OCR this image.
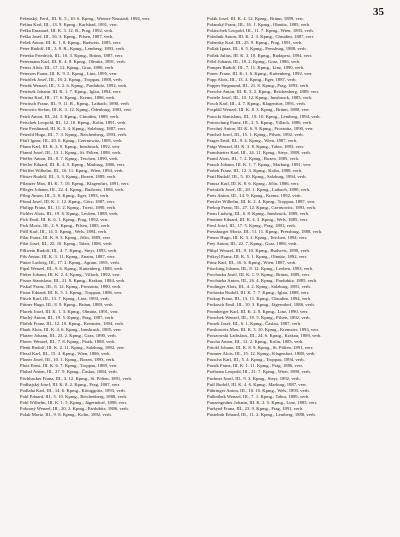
35

Pešanský, Ferd., III. K. 5., 10. 6. Kpmg., Wiener-Neustadt, 1894, verr.

Pešina Karl, III., 13. 9. Kpmg., Karlsbad, 1891, verr.

Peška Emanuel, III. K. 3. 12. R., Prag, 1892, verh.

Peška Josef, III., 56. 3. Kpmg., Pilsen, 1887, verh.

Pešek Anton, III. K. 1. 8. Kpmg., Budweis, 1885, verr.

Peter Rudolf, III., 3. 8. R., Kpmg., Lemberg, 1893, verh.

Peterka Friedrich, III., 10. 3. Kpmg., Brünn, 1887, verr.

Petermann Karl, III. K. 4. 8. Kpmg., Olmütz, 1891, verh.

Peters Alois, III., 17. 12. Kpmg., Graz, 1880, verh.

Petersen Franz, III. K. 9. 5. Kpmg., Linz, 1895, verr.

Petráček Josef, III., 18. 2. Kpmg., Troppau, 1888, verh.

Petrák Wenzel, III., 3. 2. 6. Kpmg., Pardubitz, 1892, verh.

Petrásek Johann, III. K. 1. 7. Kpmg., Iglau, 1894, verr.

Petrina Karl, III., 17. 6. Kpmg., Krems, 1886, verh.

Petritsch Franz, III., 9. 11. R., Kpmg., Laibach, 1890, verh.

Petrovits Stefan, III. K. 3. 12. Kpmg., Ödenburg, 1883, verr.

Petrů Anton, III., 24. 3. Kpmg., Chrudim, 1889, verh.

Petschek Leopold, III., 12. 10. Kpmg., Kolin, 1891, verh.

Petz Ferdinand, III. K. 5. 4. Kpmg., Salzburg, 1887, verr.

Petzold Hugo, III., 7. 3. Kpmg., Reichenberg, 1893, verh.

Pfaff Ignaz, III., 20. 6. Kpmg., Czernowitz, 1885, verh.

Pfann Karl, III. K. 2. 9. Kpmg., Innsbruck, 1892, verr.

Pfannl Josef, III., 13. 1. Kpmg., St. Pölten, 1888, verh.

Pfeffer Anton, III., 8. 7. Kpmg., Teschen, 1890, verh.

Pfeifer Eduard, III. K. 4. 5. Kpmg., Marburg, 1886, verr.

Pfeiffer Wilhelm, III., 16. 11. Kpmg., Wien, 1894, verh.

Pfister Rudolf, III., 3. 3. Kpmg., Bozen, 1889, verh.

Pflanzer Max, III. K. 7. 10. Kpmg., Klagenfurt, 1891, verr.

Pfleger Johann, III., 22. 4. Kpmg., Budweis, 1884, verh.

Pflug Anton, III., 5. 8. Kpmg., Eger, 1893, verh.

Pfund Josef, III. K. 1. 12. Kpmg., Görz, 1887, verr.

Philipp Franz, III., 11. 2. Kpmg., Triest, 1890, verh.

Pichler Alois, III., 19. 6. Kpmg., Leoben, 1888, verh.

Pick Emil, III. K. 6. 1. Kpmg., Prag, 1892, verr.

Pick Moriz, III., 2. 9. Kpmg., Pilsen, 1885, verh.

Piffl Karl, III., 14. 5. Kpmg., Wels, 1894, verh.

Pilar Franz, III. K. 8. 3. Kpmg., Jičín, 1889, verr.

Pilat Josef, III., 25. 10. Kpmg., Tabor, 1886, verh.

Pillwein Rudolf, III., 4. 7. Kpmg., Steyr, 1893, verh.

Pils Anton, III. K. 3. 11. Kpmg., Znaim, 1887, verr.

Pinter Ludwig, III., 17. 2. Kpmg., Agram, 1891, verh.

Pipal Wenzel, III., 9. 6. Kpmg., Kuttenberg, 1888, verh.

Pirker Johann, III. K. 2. 4. Kpmg., Villach, 1892, verr.

Pisarz Stanislaus, III., 21. 8. Kpmg., Krakau, 1884, verh.

Piskač Franz, III., 6. 12. Kpmg., Prossnitz, 1890, verh.

Pistor Eduard, III. K. 5. 1. Kpmg., Troppau, 1886, verr.

Pitsch Karl, III., 13. 7. Kpmg., Linz, 1893, verh.

Pittner Hugo, III., 8. 9. Kpmg., Brünn, 1889, verh.

Placek Josef, III. K. 1. 3. Kpmg., Olmütz, 1891, verr.

Plachý Anton, III., 19. 5. Kpmg., Prag, 1887, verh.

Plaček Franz, III., 12. 10. Kpmg., Kremsier, 1894, verh.

Plank Alois, III. K. 4. 6. Kpmg., Innsbruck, 1885, verr.

Platzer Johann, III., 23. 2. Kpmg., Graz, 1890, verh.

Plavec Wenzel, III., 7. 8. Kpmg., Pisek, 1888, verh.

Plenk Rudolf, III. K. 2. 11. Kpmg., Salzburg, 1892, verr.

Plessl Karl, III., 15. 4. Kpmg., Wien, 1886, verh.

Ploner Josef, III., 10. 1. Kpmg., Bozen, 1893, verh.

Plotz Ernst, III. K. 6. 7. Kpmg., Troppau, 1889, verr.

Pluhař Anton, III., 27. 9. Kpmg., Časlau, 1884, verh.

Pöchhacker Franz, III., 3. 12. Kpmg., St. Pölten, 1891, verh.

Podhajský Josef, III. K. 8. 2. Kpmg., Prag, 1887, verr.

Podlaha Karl, III., 14. 6. Kpmg., Königgrätz, 1893, verh.

Pohl Eduard, III., 5. 10. Kpmg., Reichenberg, 1888, verh.

Pohl Wilhelm, III. K. 1. 5. Kpmg., Jägerndorf, 1890, verr.

Pokorný Wenzel, III., 20. 3. Kpmg., Pardubitz, 1886, verh.

Polak Moriz, III., 9. 8. Kpmg., Kolin, 1892, verh.

Polák Josef, III. K. 4. 12. Kpmg., Brünn, 1889, verr.

Polanský Franz, III., 16. 1. Kpmg., Olmütz, 1885, verh.

Polatschek Leopold, III., 11. 7. Kpmg., Wien, 1893, verh.

Polednik Anton, III. K. 2. 3. Kpmg., Chrudim, 1887, verr.

Polensky Karl, III., 25. 9. Kpmg., Prag, 1891, verh.

Pollak Ignaz, III., 6. 5. Kpmg., Pressburg, 1888, verh.

Pollak Julius, III. K. 3. 10. Kpmg., Budapest, 1894, verr.

Pölzl Johann, III., 18. 2. Kpmg., Graz, 1886, verh.

Pomper Rudolf, III., 7. 11. Kpmg., Linz, 1890, verh.

Ponec Franz, III. K. 1. 6. Kpmg., Kuttenberg, 1892, verr.

Popp Alois, III., 13. 4. Kpmg., Eger, 1887, verh.

Popper Siegmund, III., 21. 8. Kpmg., Prag, 1893, verh.

Porsche Anton, III. K. 5. 2. Kpmg., Reichenberg, 1889, verr.

Portele Josef, III., 10. 12. Kpmg., Innsbruck, 1885, verh.

Posch Karl, III., 4. 7. Kpmg., Klagenfurt, 1891, verh.

Pospíšil Wenzel, III. K. 8. 3. Kpmg., Brünn, 1888, verr.

Potocki Stanislaus, III., 19. 10. Kpmg., Lemberg, 1894, verh.

Pototschnig Franz, III., 2. 5. Kpmg., Villach, 1886, verh.

Povolný Anton, III. K. 6. 9. Kpmg., Prossnitz, 1890, verr.

Prachař Josef, III., 15. 1. Kpmg., Pilsen, 1892, verh.

Prager Emil, III., 9. 4. Kpmg., Wien, 1887, verh.

Prágr Wenzel, III. K. 3. 8. Kpmg., Tabor, 1893, verr.

Prandstetter Karl, III., 24. 11. Kpmg., Steyr, 1889, verh.

Prantl Alois, III., 7. 2. Kpmg., Bozen, 1885, verh.

Prasch Johann, III. K. 1. 7. Kpmg., Marburg, 1891, verr.

Prašek Franz, III., 12. 3. Kpmg., Kolin, 1888, verh.

Pratl Rudolf, III., 5. 10. Kpmg., Salzburg, 1894, verh.

Prausa Karl, III. K. 8. 6. Kpmg., Jičín, 1886, verr.

Preinfalk Josef, III., 20. 1. Kpmg., Laibach, 1890, verh.

Preis Anton, III., 14. 9. Kpmg., Krems, 1892, verh.

Preisler Wilhelm, III. K. 2. 4. Kpmg., Troppau, 1887, verr.

Prekop Franz, III., 27. 12. Kpmg., Czernowitz, 1893, verh.

Prem Ludwig, III., 6. 8. Kpmg., Innsbruck, 1889, verh.

Prentner Eduard, III. K. 4. 3. Kpmg., Wels, 1885, verr.

Presl Josef, III., 17. 5. Kpmg., Prag, 1891, verh.

Pressburger Moriz, III., 11. 11. Kpmg., Pressburg, 1888, verh.

Preuss Hugo, III. K. 3. 2. Kpmg., Teschen, 1894, verr.

Prey Anton, III., 22. 7. Kpmg., Graz, 1886, verh.

Přibyl Wenzel, III., 9. 10. Kpmg., Budweis, 1890, verh.

Prikryl Franz, III. K. 5. 1. Kpmg., Olmütz, 1892, verr.

Prinz Karl, III., 16. 6. Kpmg., Wien, 1887, verh.

Prisching Johann, III., 8. 12. Kpmg., Leoben, 1893, verh.

Prochaska Josef, III. K. 1. 9. Kpmg., Brünn, 1889, verr.

Procházka Anton, III., 26. 4. Kpmg., Pardubitz, 1885, verh.

Prodinger Alois, III., 4. 2. Kpmg., Salzburg, 1891, verh.

Prohaska Rudolf, III. K. 7. 7. Kpmg., Iglau, 1888, verr.

Prokop Franz, III., 13. 11. Kpmg., Chrudim, 1894, verh.

Prokosch Emil, III., 10. 3. Kpmg., Jägerndorf, 1886, verh.

Promberger Karl, III. K. 2. 8. Kpmg., Linz, 1890, verr.

Proschek Wenzel, III., 19. 5. Kpmg., Pilsen, 1892, verh.

Prosek Josef, III., 6. 1. Kpmg., Časlau, 1887, verh.

Proskowetz Max, III. K. 3. 10. Kpmg., Kremsier, 1893, verr.

Proszowski Ladislaus, III., 24. 6. Kpmg., Krakau, 1889, verh.

Prucha Anton, III., 12. 2. Kpmg., Kolin, 1885, verh.

Prückl Johann, III. K. 8. 9. Kpmg., St. Pölten, 1891, verr.

Prunner Alois, III., 15. 12. Kpmg., Klagenfurt, 1888, verh.

Pruscha Karl, III., 5. 4. Kpmg., Troppau, 1894, verh.

Prusík Franz, III. K. 1. 11. Kpmg., Prag, 1886, verr.

Przibram Leopold, III., 21. 7. Kpmg., Wien, 1890, verh.

Puchner Josef, III., 9. 3. Kpmg., Steyr, 1892, verh.

Puff Rudolf, III. K. 4. 6. Kpmg., Marburg, 1887, verr.

Pühringer Anton, III., 18. 10. Kpmg., Wels, 1893, verh.

Pulkrábek Wenzel, III., 7. 1. Kpmg., Tabor, 1889, verh.

Punzengruber Johann, III. K. 2. 5. Kpmg., Linz, 1885, verr.

Purkyně Franz, III., 23. 9. Kpmg., Prag, 1891, verh.

Pustelnik Eduard, III., 11. 2. Kpmg., Lemberg, 1888, verh.
